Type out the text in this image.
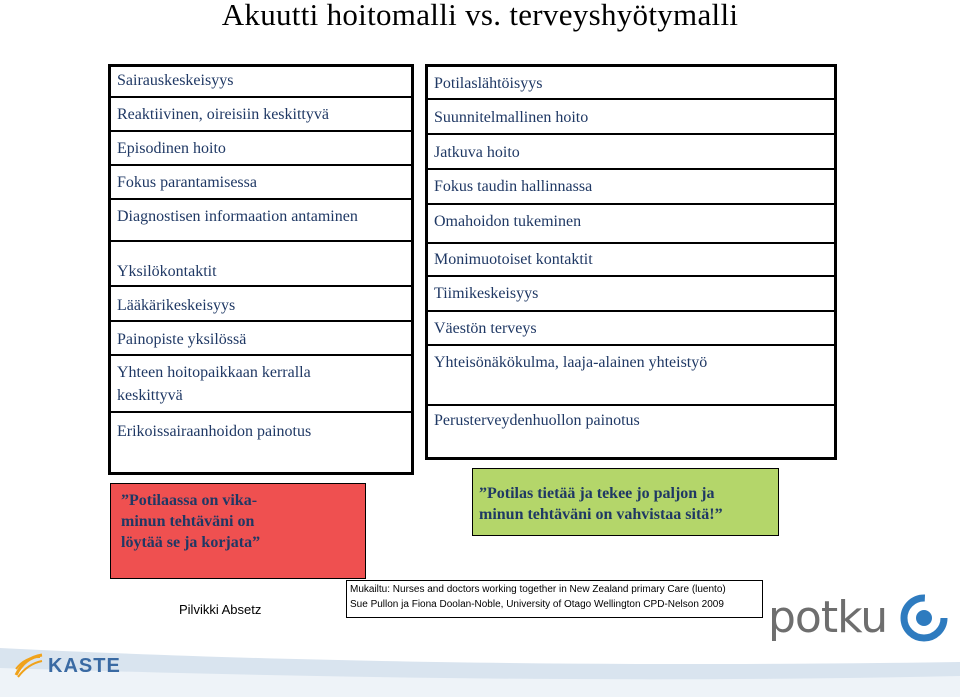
Akuutti hoitomalli vs. terveyshyötymalli
Sairauskeskeisyys
Reaktiivinen, oireisiin keskittyvä
Episodinen hoito
Fokus parantamisessa
Diagnostisen informaation antaminen
Yksilökontaktit
Lääkärikeskeisyys
Painopiste yksilössä
Yhteen hoitopaikkaan kerralla
keskittyvä
Erikoissairaanhoidon painotus
Potilaslähtöisyys
Suunnitelmallinen hoito
Jatkuva hoito
Fokus taudin hallinnassa
Omahoidon tukeminen
Monimuotoiset kontaktit
Tiimikeskeisyys
Väestön terveys
Yhteisönäkökulma, laaja-alainen yhteistyö
Perusterveydenhuollon painotus
”Potilaassa on vika-
minun tehtäväni on
löytää se ja korjata”
”Potilas tietää ja tekee jo paljon ja
minun tehtäväni on vahvistaa sitä!”
Pilvikki Absetz
Mukailtu: Nurses and doctors working together in New Zealand primary Care (luento)
Sue Pullon ja Fiona Doolan-Noble, University of Otago Wellington CPD-Nelson 2009
KASTE
potku
